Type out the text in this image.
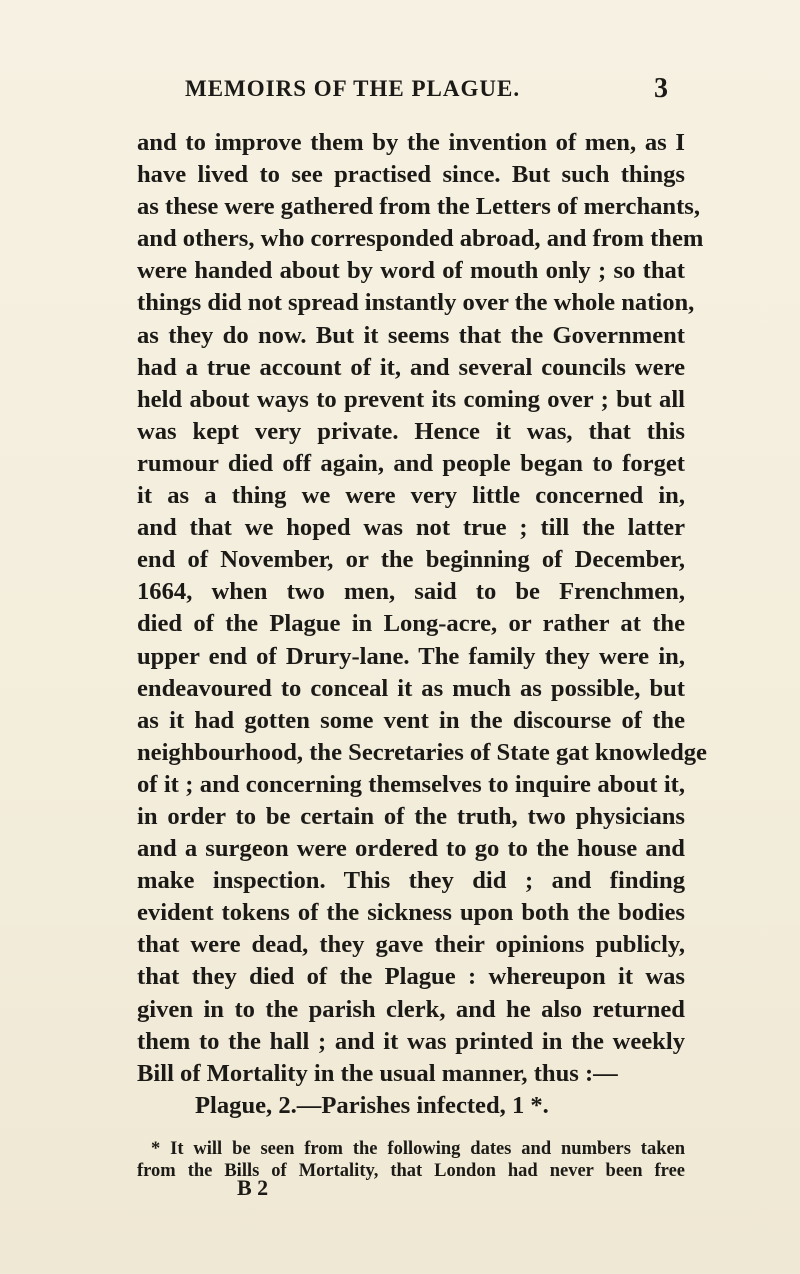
MEMOIRS OF THE PLAGUE.	3
and to improve them by the invention of men, as I
have lived to see practised since. But such things
as these were gathered from the Letters of merchants,
and others, who corresponded abroad, and from them
were handed about by word of mouth only ; so that
things did not spread instantly over the whole nation,
as they do now. But it seems that the Government
had a true account of it, and several councils were
held about ways to prevent its coming over ; but all
was kept very private. Hence it was, that this
rumour died off again, and people began to forget
it as a thing we were very little concerned in,
and that we hoped was not true ; till the latter
end of November, or the beginning of December,
1664, when two men, said to be Frenchmen,
died of the Plague in Long-acre, or rather at the
upper end of Drury-lane. The family they were in,
endeavoured to conceal it as much as possible, but
as it had gotten some vent in the discourse of the
neighbourhood, the Secretaries of State gat knowledge
of it ; and concerning themselves to inquire about it,
in order to be certain of the truth, two physicians
and a surgeon were ordered to go to the house and
make inspection. This they did ; and finding
evident tokens of the sickness upon both the bodies
that were dead, they gave their opinions publicly,
that they died of the Plague : whereupon it was
given in to the parish clerk, and he also returned
them to the hall ; and it was printed in the weekly
Bill of Mortality in the usual manner, thus :—
Plague, 2.—Parishes infected, 1 *.
* It will be seen from the following dates and numbers taken
from the Bills of Mortality, that London had never been free
B 2
